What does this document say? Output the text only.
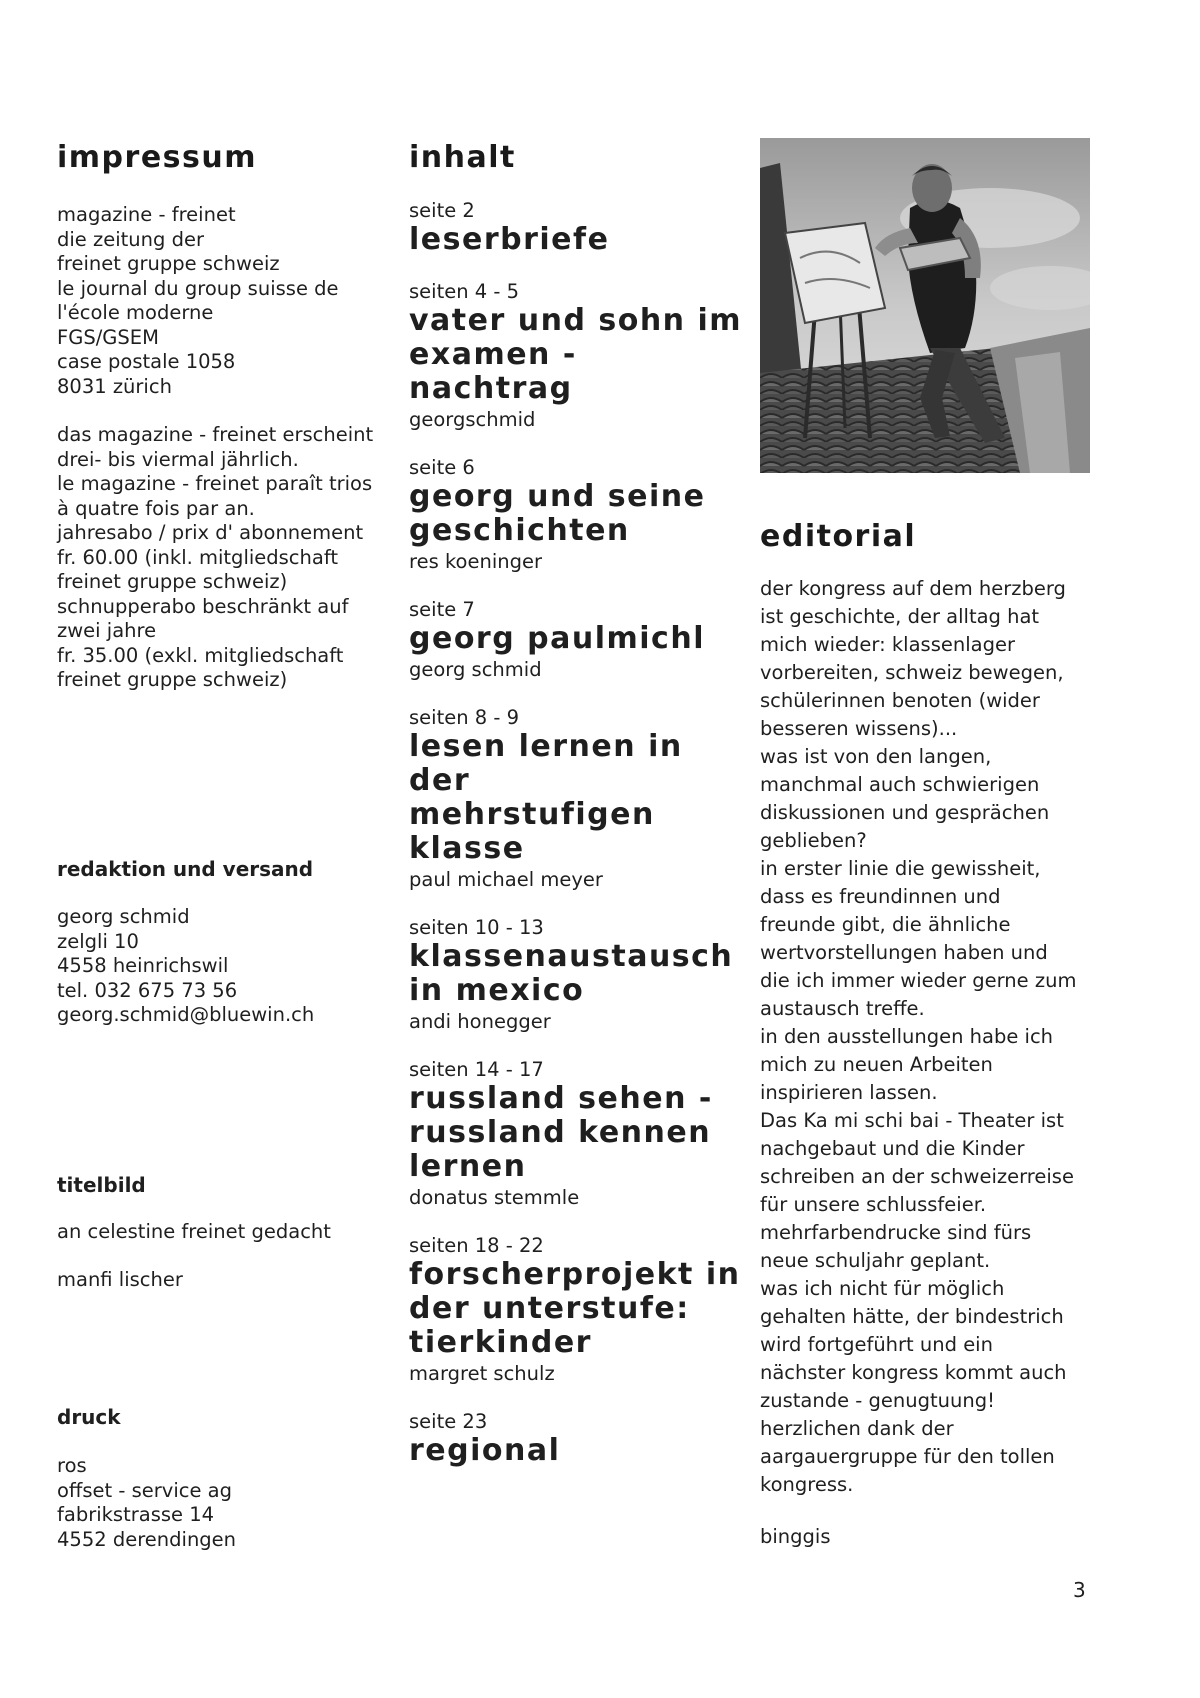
impressum
magazine - freinet
die zeitung der
freinet gruppe schweiz
le journal du group suisse de
l'école moderne
FGS/GSEM
case postale 1058
8031 zürich
das magazine - freinet erscheint
drei- bis viermal jährlich.
le magazine - freinet paraît trios
à quatre fois par an.
jahresabo / prix d' abonnement
fr. 60.00 (inkl. mitgliedschaft
freinet gruppe schweiz)
schnupperabo beschränkt auf
zwei jahre
fr. 35.00 (exkl. mitgliedschaft
freinet gruppe schweiz)
redaktion und versand
georg schmid
zelgli 10
4558 heinrichswil
tel. 032 675 73 56
georg.schmid@bluewin.ch
titelbild
an celestine freinet gedacht
manfi lischer
druck
ros
offset - service ag
fabrikstrasse 14
4552 derendingen
inhalt
seite 2
leserbriefe
seiten 4 - 5
vater und sohn im
examen - nachtrag
georgschmid
seite 6
georg und seine
geschichten
res koeninger
seite 7
georg paulmichl
georg schmid
seiten 8 - 9
lesen lernen in der
mehrstufigen klasse
paul michael meyer
seiten 10 - 13
klassenaustausch
in mexico
andi honegger
seiten 14 - 17
russland sehen -
russland kennen
lernen
donatus stemmle
seiten 18 - 22
forscherprojekt in
der unterstufe:
tierkinder
margret schulz
seite 23
regional
editorial
der kongress auf dem herzberg
ist geschichte, der alltag hat
mich wieder: klassenlager
vorbereiten, schweiz bewegen,
schülerinnen benoten (wider
besseren wissens)...
was ist von den langen,
manchmal auch schwierigen
diskussionen und gesprächen
geblieben?
in erster linie die gewissheit,
dass es freundinnen und
freunde gibt, die ähnliche
wertvorstellungen haben und
die ich immer wieder gerne zum
austausch treffe.
in den ausstellungen habe ich
mich zu neuen Arbeiten
inspirieren lassen.
Das Ka mi schi bai - Theater ist
nachgebaut und die Kinder
schreiben an der schweizerreise
für unsere schlussfeier.
mehrfarbendrucke sind fürs
neue schuljahr geplant.
was ich nicht für möglich
gehalten hätte, der bindestrich
wird fortgeführt und ein
nächster kongress kommt auch
zustande - genugtuung!
herzlichen dank der
aargauergruppe für den tollen
kongress.
binggis
3
